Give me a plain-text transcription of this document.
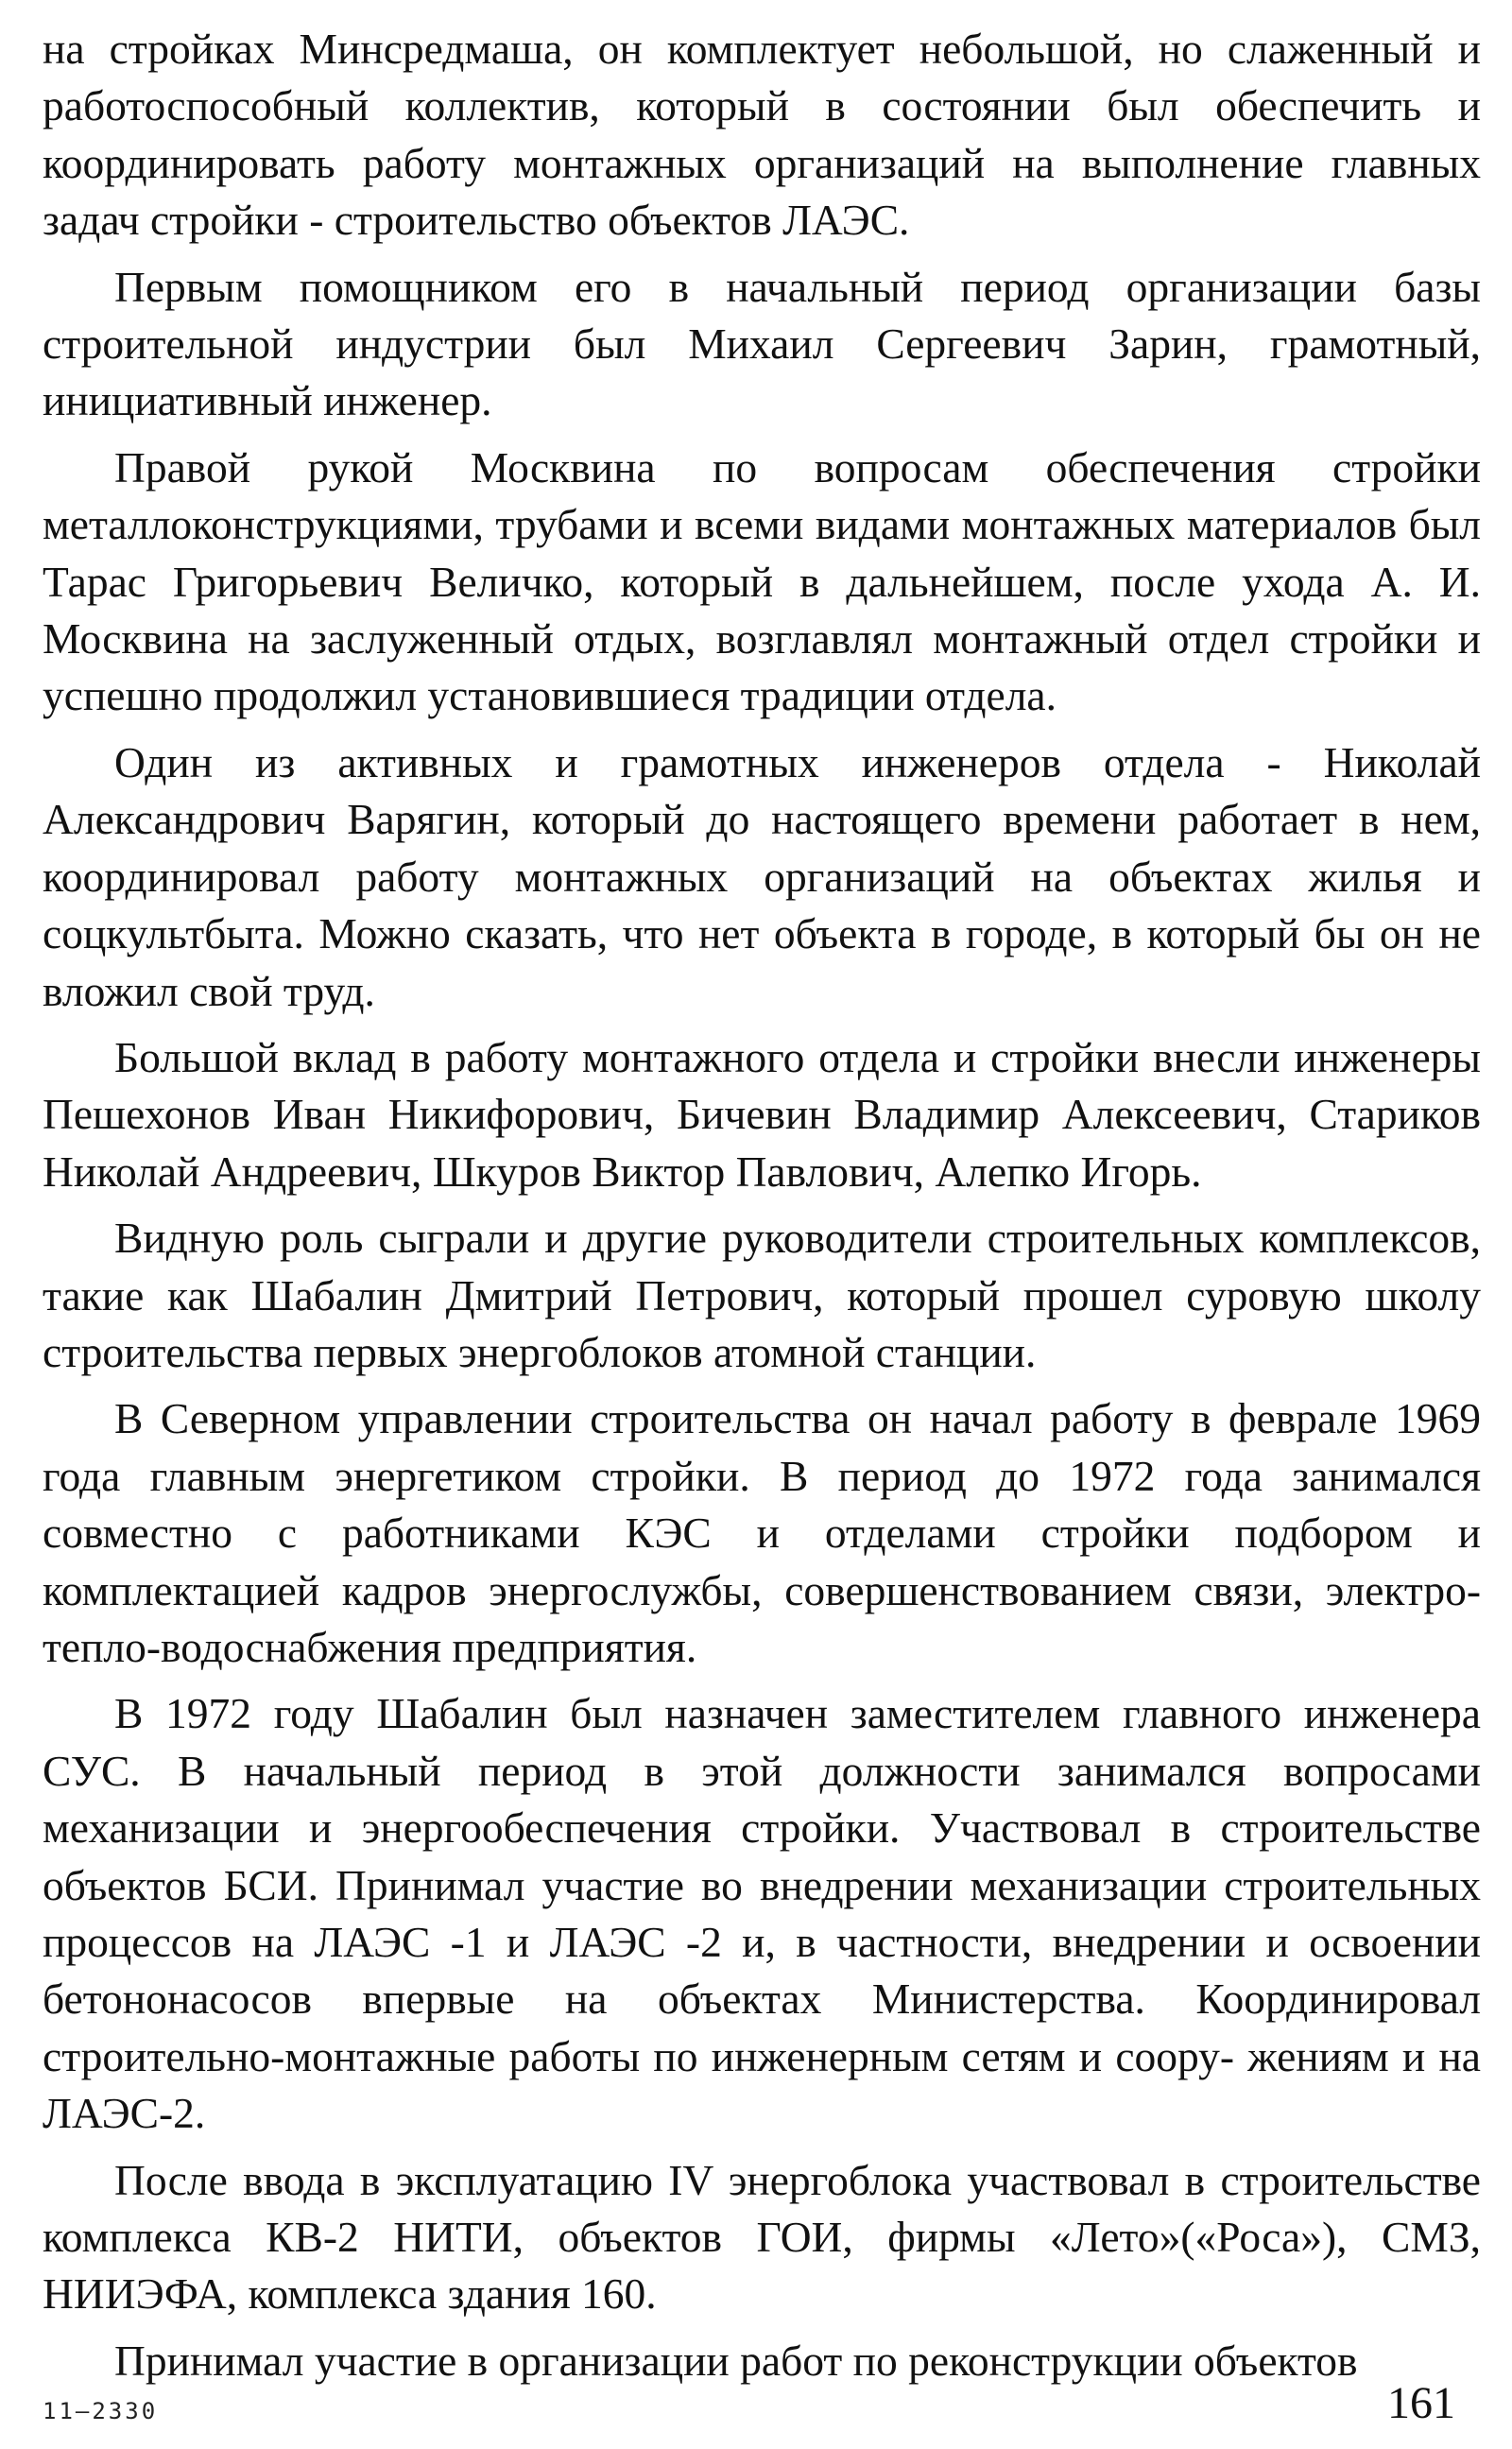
на стройках Минсредмаша, он комплектует небольшой, но слаженный и работоспособный коллектив, который в состоянии был обеспечить и координировать работу монтажных организаций на выполнение главных задач стройки - строительство объектов ЛАЭС.

Первым помощником его в начальный период организации базы строительной индустрии был Михаил Сергеевич Зарин, грамотный, инициативный инженер.

Правой рукой Москвина по вопросам обеспечения стройки металлоконструкциями, трубами и всеми видами монтажных материалов был Тарас Григорьевич Величко, который в дальнейшем, после ухода А. И. Москвина на заслуженный отдых, возглавлял монтажный отдел стройки и успешно продолжил установившиеся традиции отдела.

Один из активных и грамотных инженеров отдела - Николай Александрович Варягин, который до настоящего времени работает в нем, координировал работу монтажных организаций на объектах жилья и соцкультбыта. Можно сказать, что нет объекта в городе, в который бы он не вложил свой труд.

Большой вклад в работу монтажного отдела и стройки внесли инженеры Пешехонов Иван Никифорович, Бичевин Владимир Алексеевич, Стариков Николай Андреевич, Шкуров Виктор Павлович, Алепко Игорь.

Видную роль сыграли и другие руководители строительных комплексов, такие как Шабалин Дмитрий Петрович, который прошел суровую школу строительства первых энергоблоков атомной станции.

В Северном управлении строительства он начал работу в феврале 1969 года главным энергетиком стройки. В период до 1972 года занимался совместно с работниками КЭС и отделами стройки подбором и комплектацией кадров энергослужбы, совершенствованием связи, электро-тепло-водоснабжения предприятия.

В 1972 году Шабалин был назначен заместителем главного инженера СУС. В начальный период в этой должности занимался вопросами механизации и энергообеспечения стройки. Участвовал в строительстве объектов БСИ. Принимал участие во внедрении механизации строительных процессов на ЛАЭС -1 и ЛАЭС -2 и, в частности, внедрении и освоении бетононасосов впервые на объектах Министерства. Координировал строительно-монтажные работы по инженерным сетям и соору- жениям и на ЛАЭС-2.

После ввода в эксплуатацию IV энергоблока участвовал в строительстве комплекса КВ-2 НИТИ, объектов ГОИ, фирмы «Лето»(«Роса»), СМЗ, НИИЭФА, комплекса здания 160.

Принимал участие в организации работ по реконструкции объектов

11—2330	161
